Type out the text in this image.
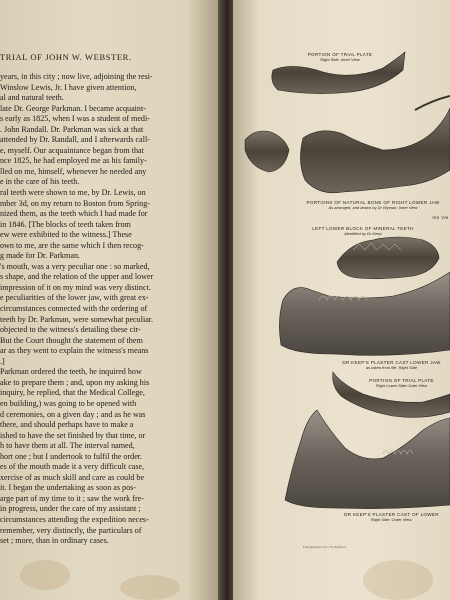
TRIAL OF JOHN W. WEBSTER.
years, in this city ; now live, adjoining the resi-
Winslow Lewis, Jr. I have given attention,
al and natural teeth.
late Dr. George Parkman. I became acquaint-
s early as 1825, when I was a student of medi-
. John Randall. Dr. Parkman was sick at that
attended by Dr. Randall, and I afterwards call-
e, myself. Our acquaintance began from that
nce 1825, he had employed me as his family-
lled on me, himself, whenever he needed any
e in the care of his teeth.
ral teeth were shown to me, by Dr. Lewis, on
mber 3d, on my return to Boston from Spring-
nized them, as the teeth which I had made for
in 1846. [The blocks of teeth taken from
ew were exhibited to the witness.] These
own to me, are the same which I then recog-
g made for Dr. Parkman.
's mouth, was a very peculiar one : so marked,
s shape, and the relation of the upper and lower
impression of it on my mind was very distinct.
e peculiarities of the lower jaw, with great ex-
circumstances connected with the ordering of
teeth by Dr. Parkman, were somewhat peculiar.
objected to the witness's detailing these cir-
But the Court thought the statement of them
ar as they went to explain the witness's means
.]
Parkman ordered the teeth, he inquired how
ake to prepare them ; and, upon my asking his
inquiry, he replied, that the Medical College,
en building,) was going to be opened with
d ceremonies, on a given day ; and as he was
there, and should perhaps have to make a
ished to have the set finished by that time, or
h to have them at all. The interval named,
hort one ; but I undertook to fulfil the order.
es of the mouth made it a very difficult case,
xercise of as much skill and care as could be
it. I began the undertaking as soon as pos-
arge part of my time to it ; saw the work fre-
in progress, under the care of my assistant ;
circumstances attending the expedition neces-
remember, very distinctly, the particulars of
set ; more, than in ordinary cases.
PORTION OF TRIAL PLATE
Right Side, Inner View
PORTIONS OF NATURAL BONE OF RIGHT LOWER JAW
As arranged, and drawn by Dr Wyman, Inner View
Inn Vie
LEFT LOWER BLOCK OF MINERAL TEETH
Identified by Dr Keep
DR KEEP'S PLASTER CAST LOWER JAW
as taken from life. Right Side
PORTION OF TRIAL PLATE
Right Lower Side Outer View
DR KEEP'S PLASTER CAST OF LOWER
Right Side. Outer View.
Lithographed by J. H. Bufford
